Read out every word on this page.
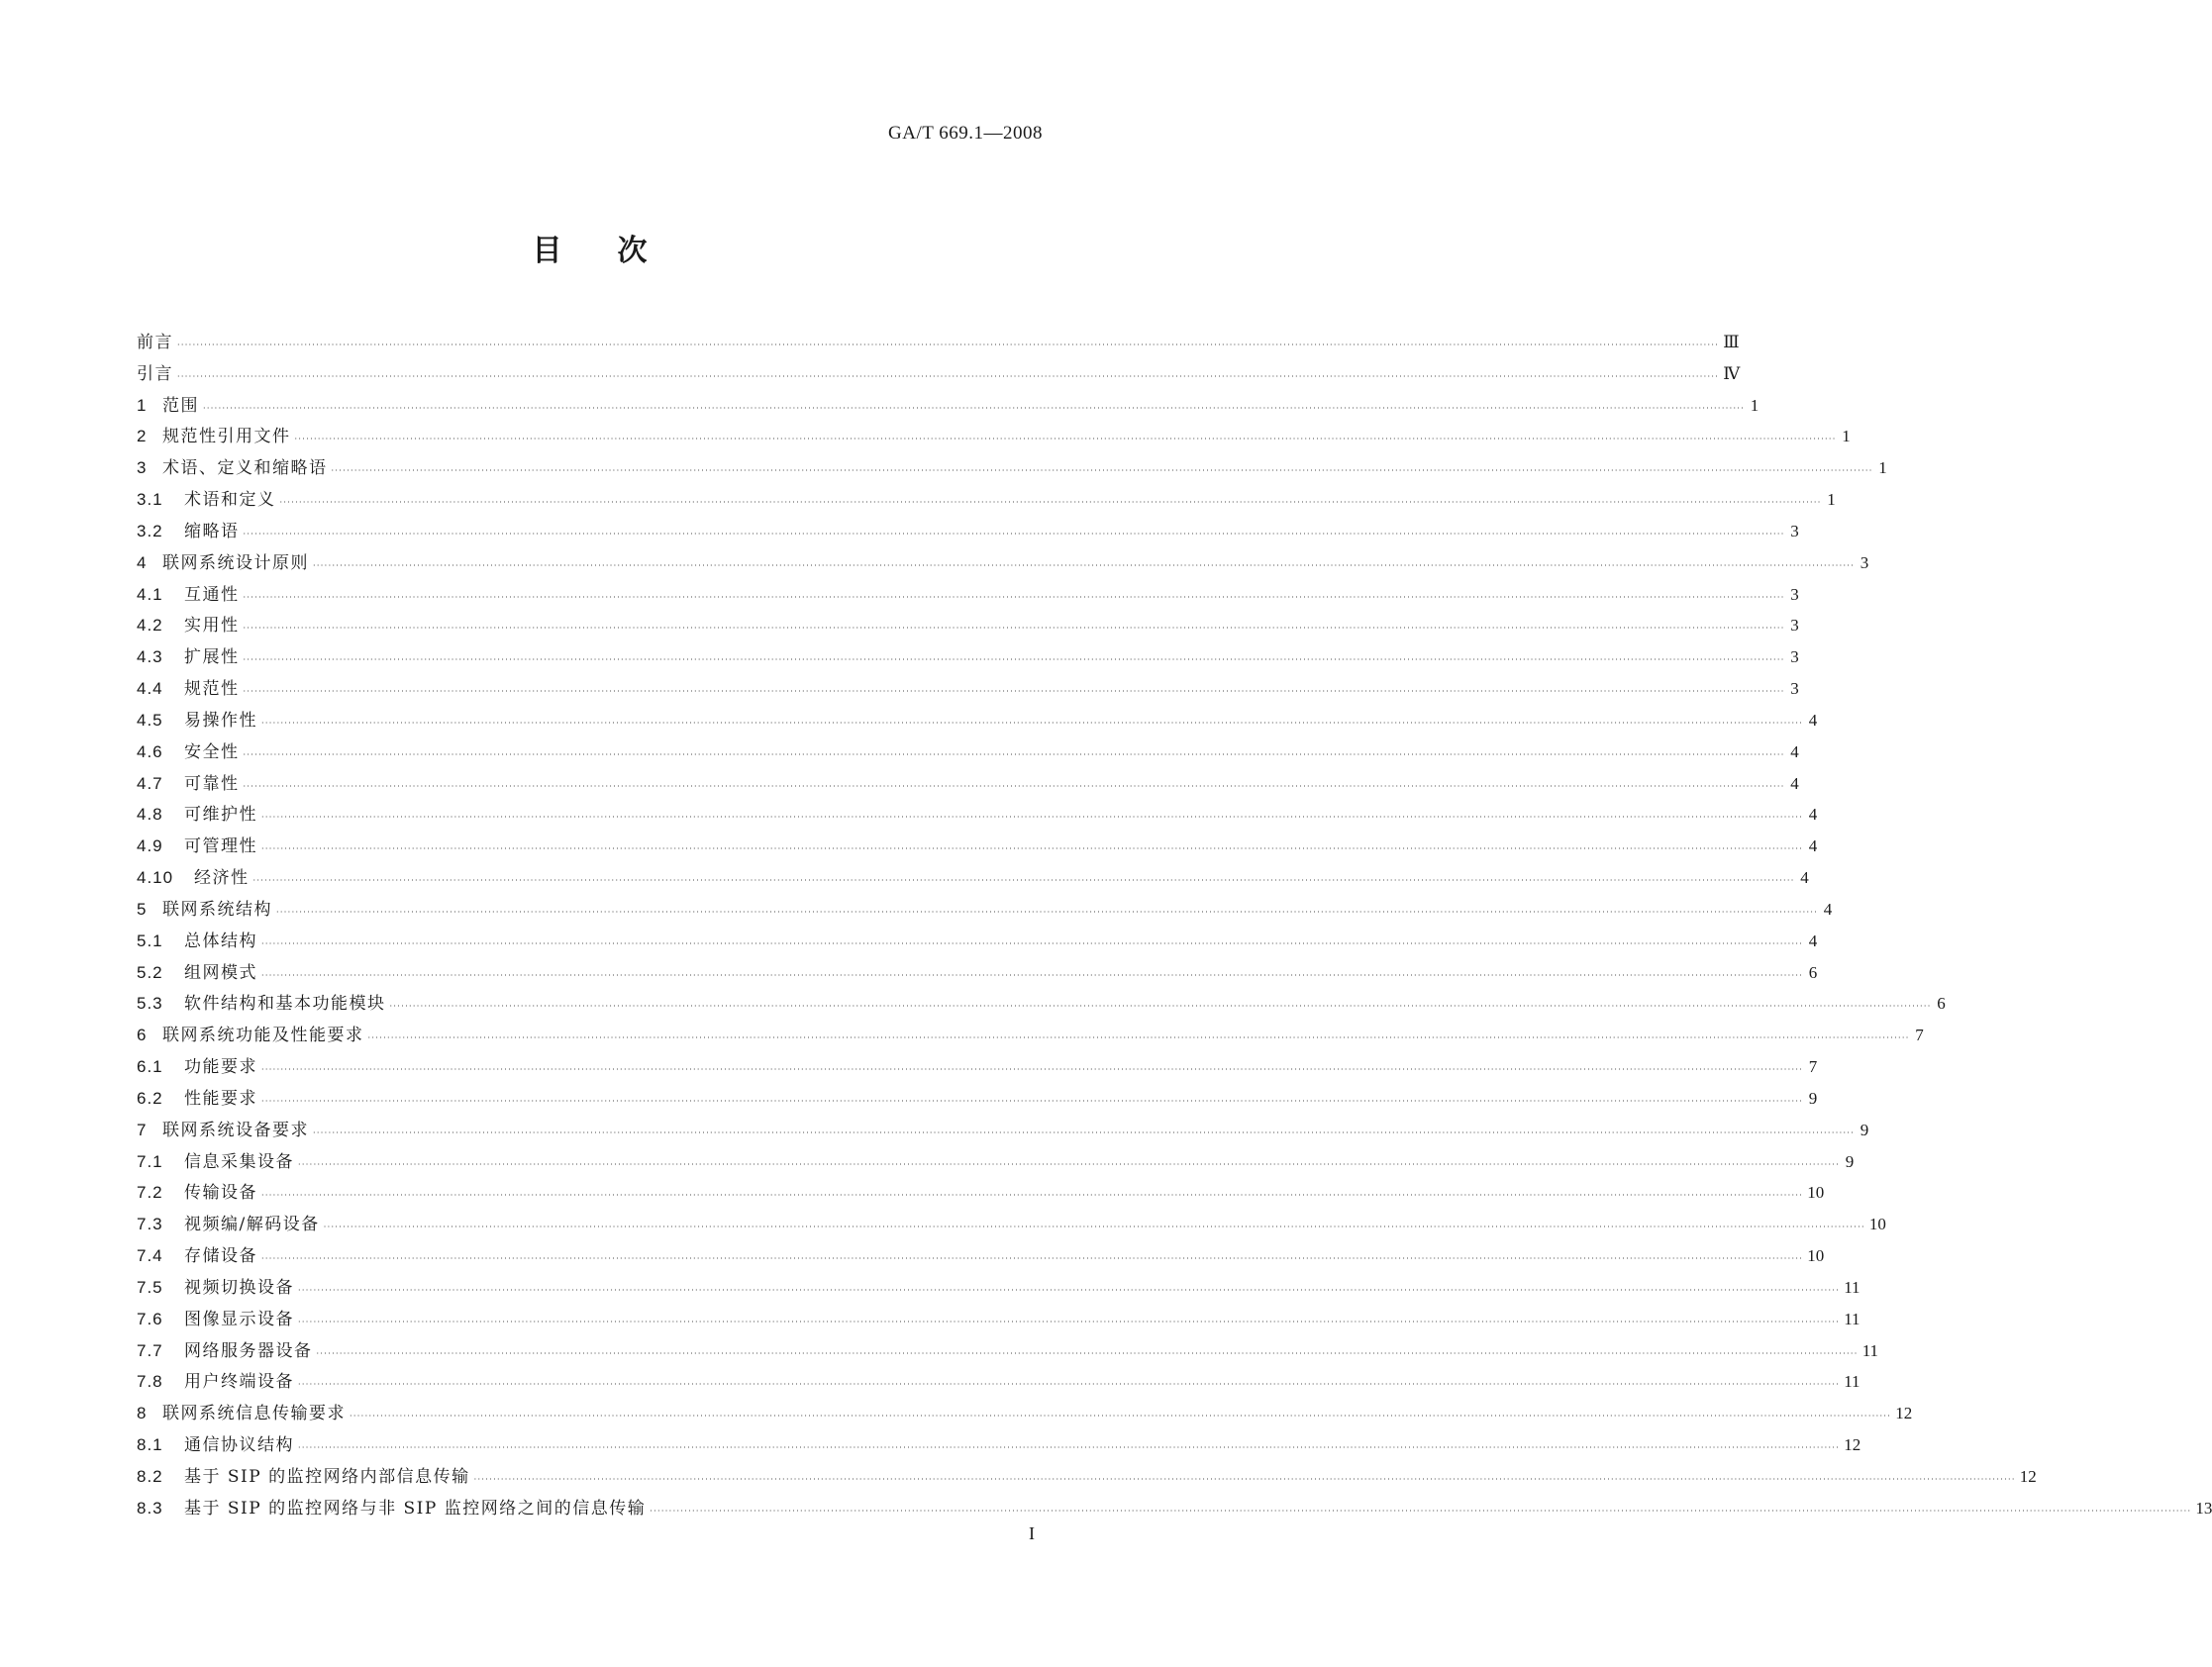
GA/T 669.1—2008
目次
前言 ················································································································································································································································································································································································································ Ⅲ
引言 ················································································································································································································································································································································································································ Ⅳ
1 范围 ················································································································································································································································································································································································································ 1
2 规范性引用文件 ················································································································································································································································································································································································································ 1
3 术语、定义和缩略语 ················································································································································································································································································································································································································ 1
3.1	术语和定义 ················································································································································································································································································································································································································ 1
3.2	缩略语 ················································································································································································································································································································································································································ 3
4 联网系统设计原则 ················································································································································································································································································································································································································ 3
4.1	互通性 ················································································································································································································································································································································································································ 3
4.2	实用性 ················································································································································································································································································································································································································ 3
4.3	扩展性 ················································································································································································································································································································································································································ 3
4.4	规范性 ················································································································································································································································································································································································································ 3
4.5	易操作性 ················································································································································································································································································································································································································ 4
4.6	安全性 ················································································································································································································································································································································································································ 4
4.7	可靠性 ················································································································································································································································································································································································································ 4
4.8	可维护性 ················································································································································································································································································································································································································ 4
4.9	可管理性 ················································································································································································································································································································································································································ 4
4.10	经济性 ················································································································································································································································································································································································································ 4
5 联网系统结构 ················································································································································································································································································································································································································ 4
5.1	总体结构 ················································································································································································································································································································································································································ 4
5.2	组网模式 ················································································································································································································································································································································································································ 6
5.3	软件结构和基本功能模块 ················································································································································································································································································································································································································ 6
6 联网系统功能及性能要求 ················································································································································································································································································································································································································ 7
6.1	功能要求 ················································································································································································································································································································································································································ 7
6.2	性能要求 ················································································································································································································································································································································································································ 9
7 联网系统设备要求 ················································································································································································································································································································································································································ 9
7.1	信息采集设备 ················································································································································································································································································································································································································ 9
7.2	传输设备 ················································································································································································································································································································································································································ 10
7.3	视频编/解码设备 ················································································································································································································································································································································································································ 10
7.4	存储设备 ················································································································································································································································································································································································································ 10
7.5	视频切换设备 ················································································································································································································································································································································································································ 11
7.6	图像显示设备 ················································································································································································································································································································································································································ 11
7.7	网络服务器设备 ················································································································································································································································································································································································································ 11
7.8	用户终端设备 ················································································································································································································································································································································································································ 11
8 联网系统信息传输要求 ················································································································································································································································································································································································································ 12
8.1	通信协议结构 ················································································································································································································································································································································································································ 12
8.2	基于 SIP 的监控网络内部信息传输 ················································································································································································································································································································································································································ 12
8.3	基于 SIP 的监控网络与非 SIP 监控网络之间的信息传输 ················································································································································································································································································································································································································ 13
I
